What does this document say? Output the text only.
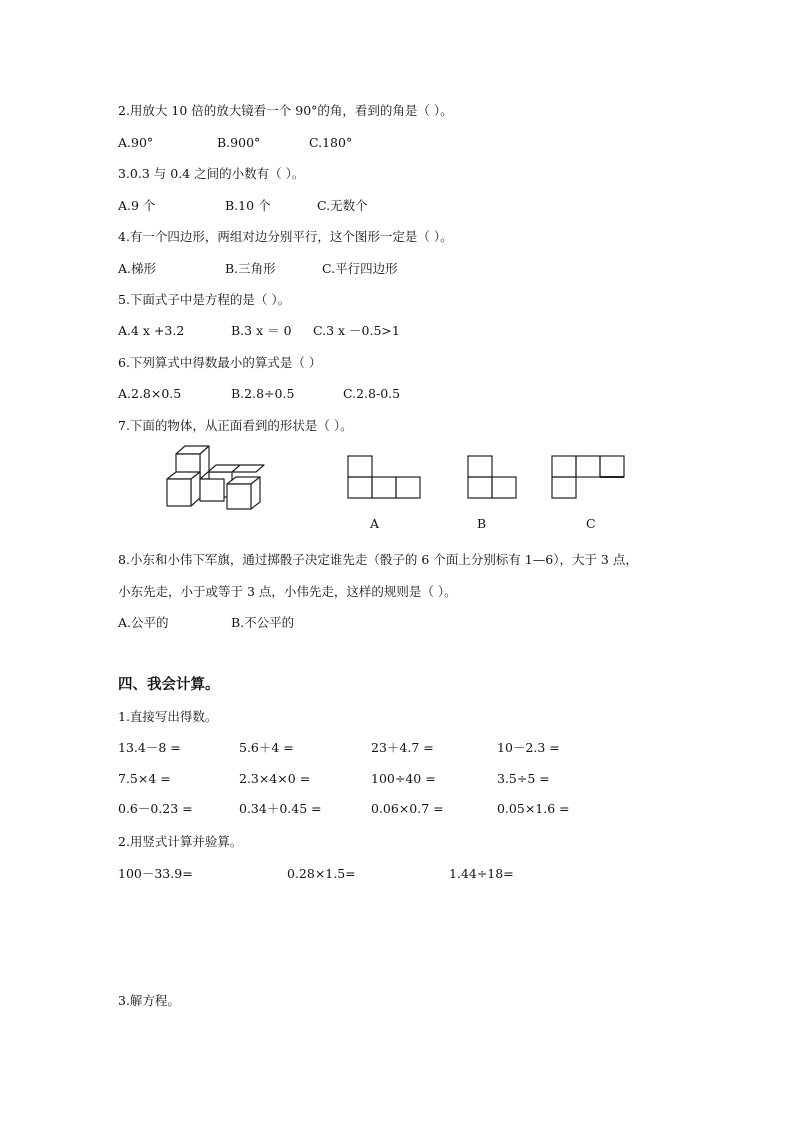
2.用放大 10 倍的放大镜看一个 90°的角，看到的角是（ ）。
A.90°	B.900°	C.180°
3.0.3 与 0.4 之间的小数有（ ）。
A.9 个	B.10 个	C.无数个
4.有一个四边形，两组对边分别平行，这个图形一定是（ ）。
A.梯形	B.三角形	C.平行四边形
5.下面式子中是方程的是（ ）。
A.4 x +3.2	B.3 x ＝ 0 C.3 x －0.5>1
6.下列算式中得数最小的算式是（ ）
A.2.8×0.5	B.2.8÷0.5	C.2.8-0.5
7.下面的物体，从正面看到的形状是（ ）。
A	B	C
8.小东和小伟下军旗，通过掷骰子决定谁先走（骰子的 6 个面上分别标有 1—6），大于 3 点，
小东先走，小于或等于 3 点，小伟先走，这样的规则是（ ）。
A.公平的	B.不公平的
四、我会计算。
1.直接写出得数。
13.4－8 =	5.6＋4 =	23＋4.7 =	10－2.3 =
7.5×4 =	2.3×4×0 =	100÷40 =	3.5÷5 =
0.6－0.23 =	0.34＋0.45 =	0.06×0.7 =	0.05×1.6 =
2.用竖式计算并验算。
100－33.9=	0.28×1.5=	1.44÷18=
3.解方程。
